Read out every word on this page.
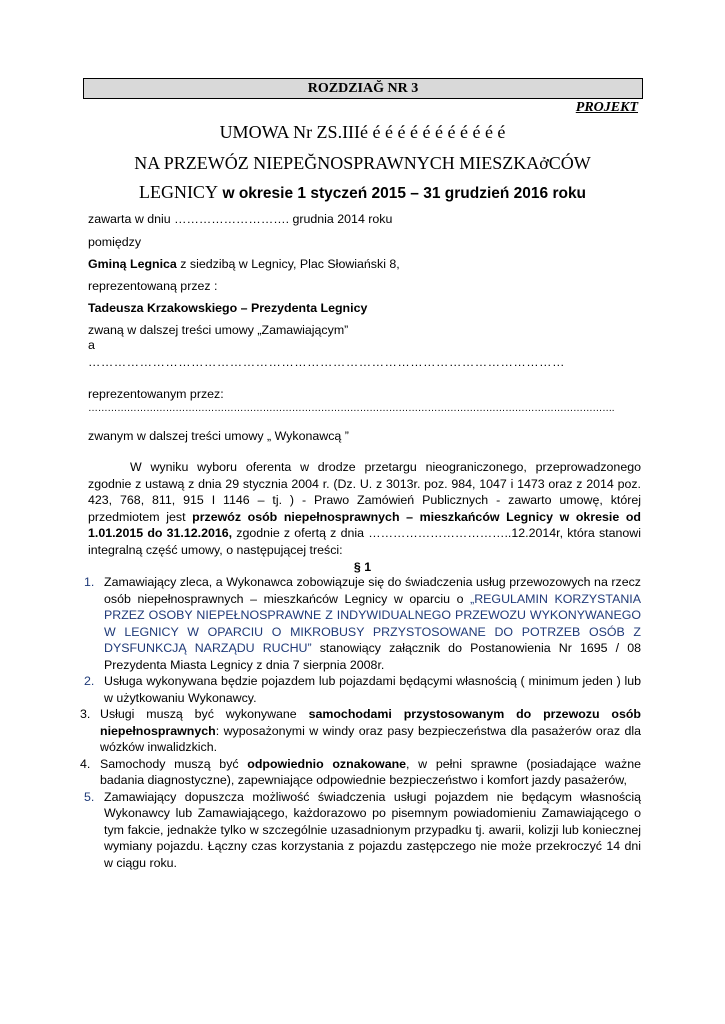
ROZDZIAĞ NR 3
PROJEKT
UMOWA Nr ZS.IIIé é é é é é é é é é é é
NA PRZEWÓZ NIEPEĞNOSPRAWNYCH MIESZKAởCÓW
LEGNICY w okresie 1 styczeń 2015 – 31 grudzień 2016 roku
zawarta w dniu ………………………. grudnia 2014 roku
pomiędzy
Gminą Legnica z siedzibą w Legnicy, Plac Słowiański 8,
reprezentowaną przez :
Tadeusza Krzakowskiego – Prezydenta Legnicy
zwaną w dalszej treści umowy „Zamawiającym”
a
…………………………………………………………………………………………………
reprezentowanym przez:
……………………………………………………………………………………………………………………………………………….
zwanym w dalszej treści umowy „ Wykonawcą ”

W wyniku wyboru oferenta w drodze przetargu nieograniczonego, przeprowadzonego zgodnie z ustawą z dnia 29 stycznia 2004 r. (Dz. U. z 3013r. poz. 984, 1047 i 1473 oraz z 2014 poz. 423, 768, 811, 915 I 1146 – tj. ) - Prawo Zamówień Publicznych - zawarto umowę, której przedmiotem jest przewóz osób niepełnosprawnych – mieszkańców Legnicy w okresie od 1.01.2015 do 31.12.2016, zgodnie z ofertą z dnia ……………………………..12.2014r, która stanowi integralną część umowy, o następującej treści:

§ 1
1. Zamawiający zleca, a Wykonawca zobowiązuje się do świadczenia usług przewozowych na rzecz osób niepełnosprawnych – mieszkańców Legnicy w oparciu o „REGULAMIN KORZYSTANIA PRZEZ OSOBY NIEPEŁNOSPRAWNE Z INDYWIDUALNEGO PRZEWOZU WYKONYWANEGO W LEGNICY W OPARCIU O MIKROBUSY PRZYSTOSOWANE DO POTRZEB OSÓB Z DYSFUNKCJĄ NARZĄDU RUCHU” stanowiący załącznik do Postanowienia Nr 1695 / 08 Prezydenta Miasta Legnicy z dnia 7 sierpnia 2008r.
2. Usługa wykonywana będzie pojazdem lub pojazdami będącymi własnością ( minimum jeden ) lub w użytkowaniu Wykonawcy.
3. Usługi muszą być wykonywane samochodami przystosowanym do przewozu osób niepełnosprawnych: wyposażonymi w windy oraz pasy bezpieczeństwa dla pasażerów oraz dla wózków inwalidzkich.
4. Samochody muszą być odpowiednio oznakowane, w pełni sprawne (posiadające ważne badania diagnostyczne), zapewniające odpowiednie bezpieczeństwo i komfort jazdy pasażerów,
5. Zamawiający dopuszcza możliwość świadczenia usługi pojazdem nie będącym własnością Wykonawcy lub Zamawiającego, każdorazowo po pisemnym powiadomieniu Zamawiającego o tym fakcie, jednakże tylko w szczególnie uzasadnionym przypadku tj. awarii, kolizji lub koniecznej wymiany pojazdu. Łączny czas korzystania z pojazdu zastępczego nie może przekroczyć 14 dni w ciągu roku.
